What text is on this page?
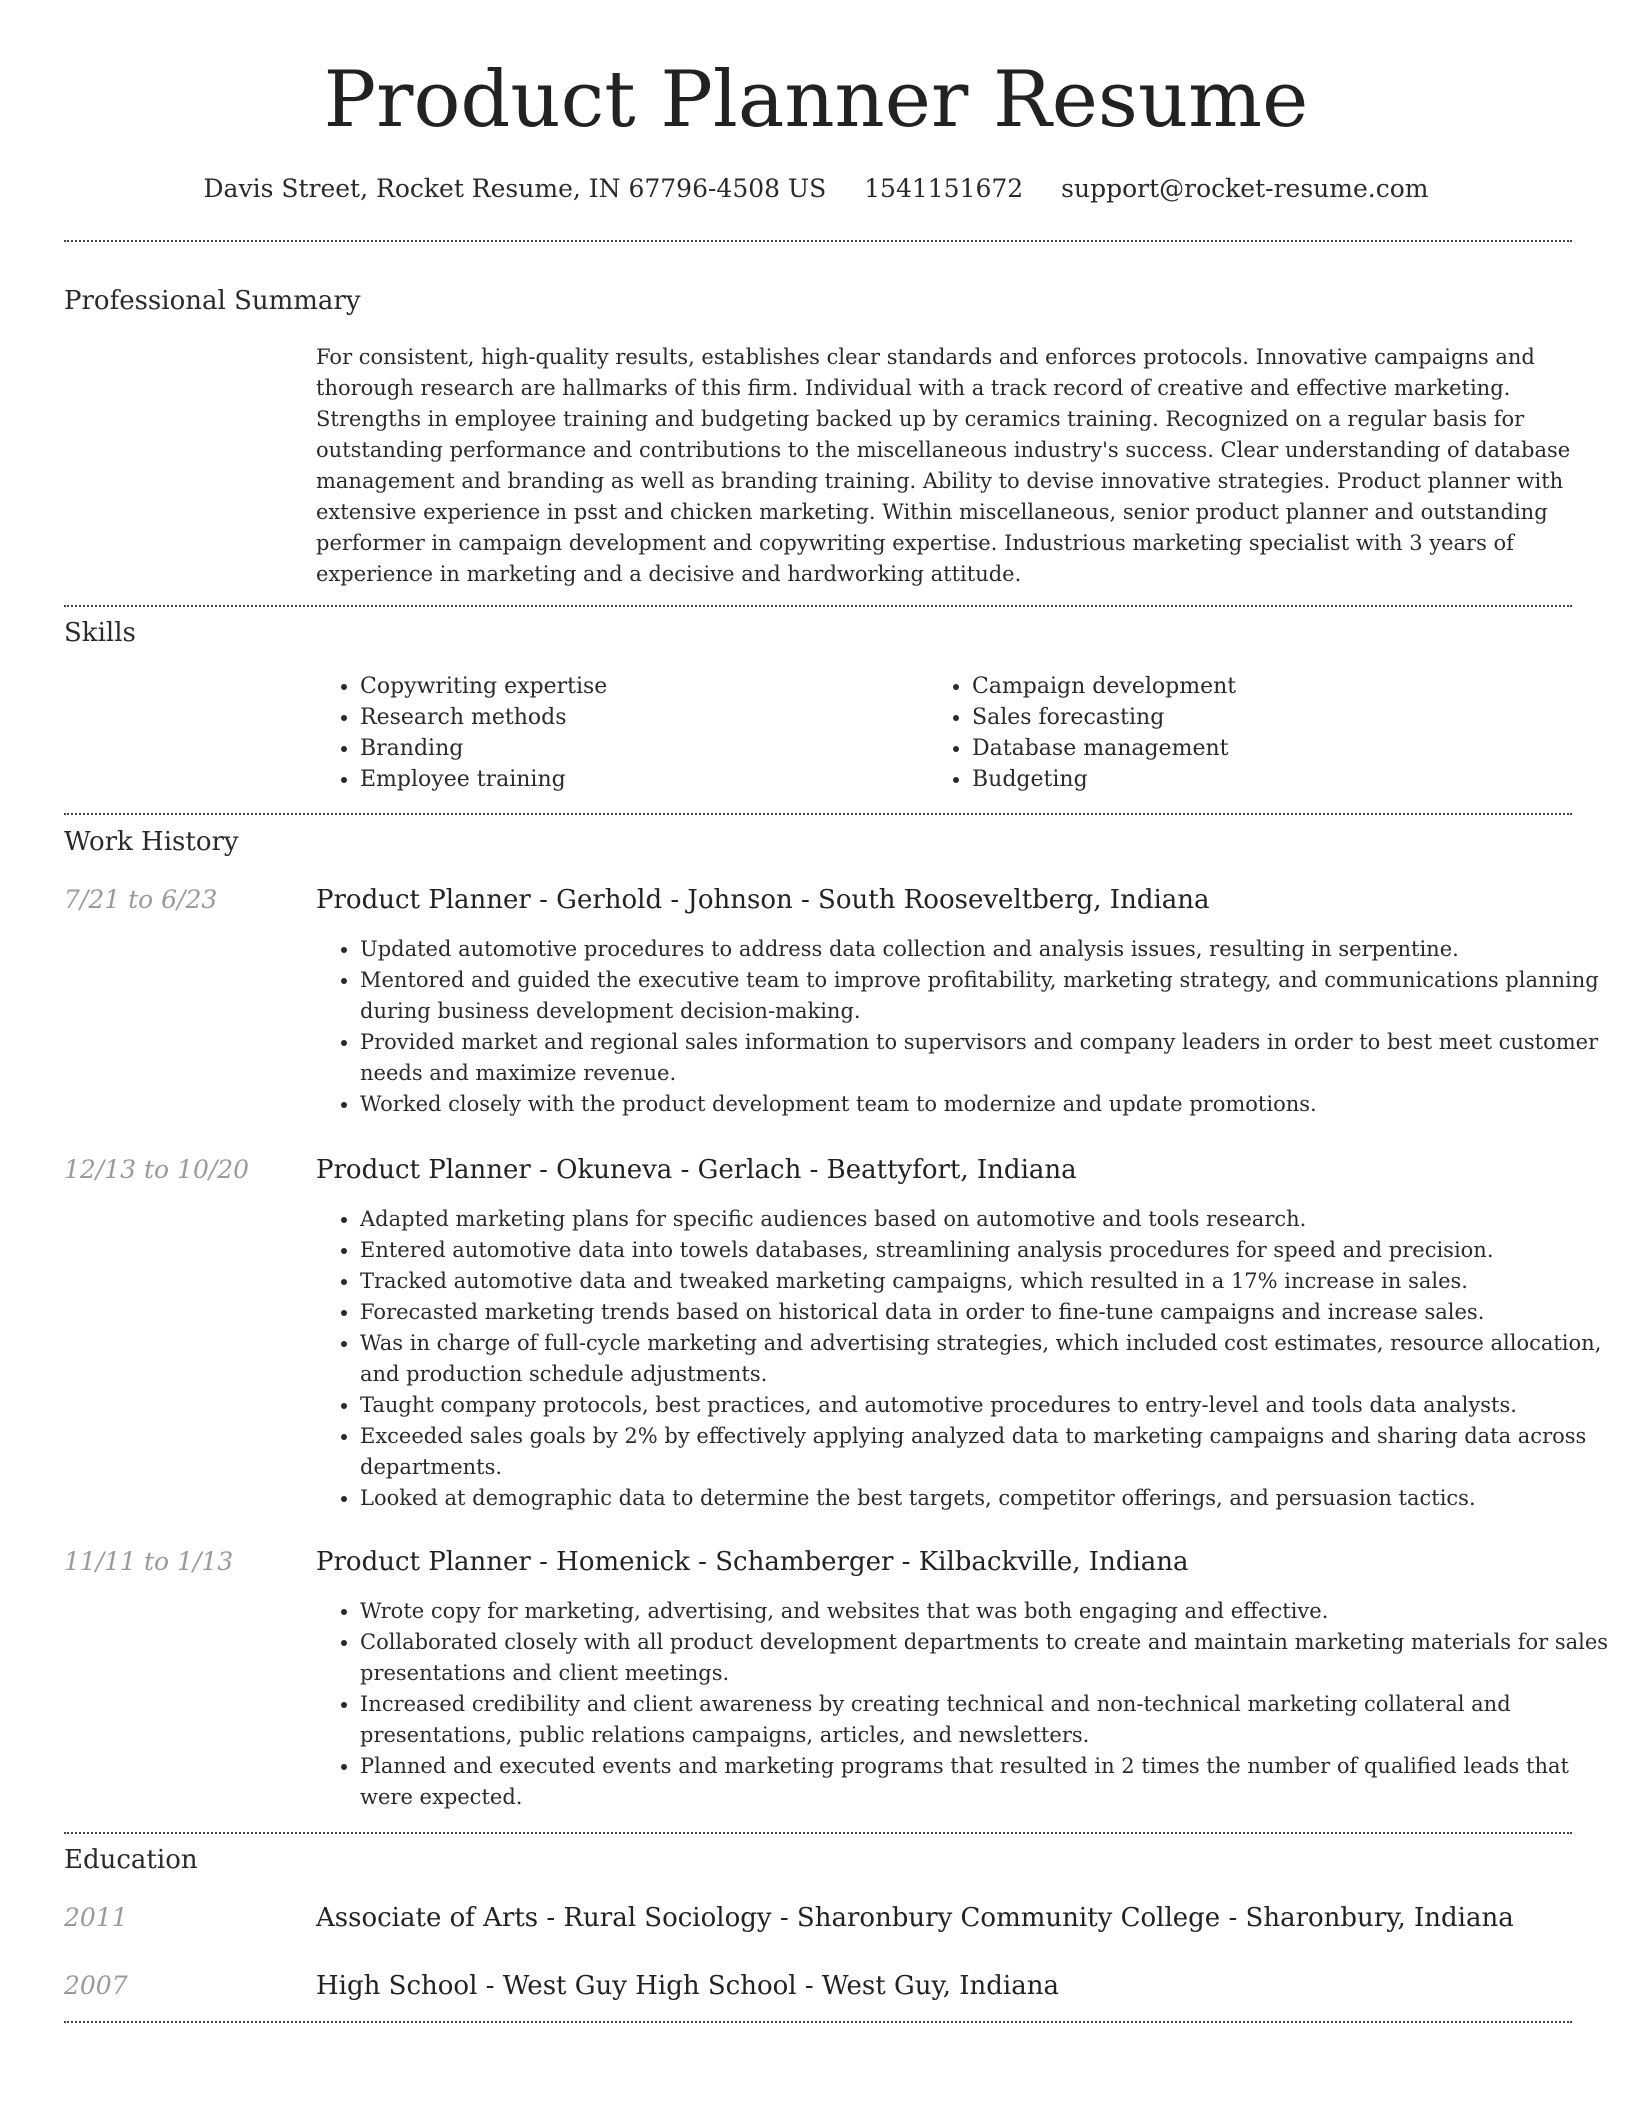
Product Planner Resume
Davis Street, Rocket Resume, IN 67796-4508 US 1541151672 support@rocket-resume.com
Professional Summary
For consistent, high-quality results, establishes clear standards and enforces protocols. Innovative campaigns and thorough research are hallmarks of this firm. Individual with a track record of creative and effective marketing. Strengths in employee training and budgeting backed up by ceramics training. Recognized on a regular basis for outstanding performance and contributions to the miscellaneous industry's success. Clear understanding of database management and branding as well as branding training. Ability to devise innovative strategies. Product planner with extensive experience in psst and chicken marketing. Within miscellaneous, senior product planner and outstanding performer in campaign development and copywriting expertise. Industrious marketing specialist with 3 years of experience in marketing and a decisive and hardworking attitude.
Skills
• Copywriting expertise
• Research methods
• Branding
• Employee training
• Campaign development
• Sales forecasting
• Database management
• Budgeting
Work History
7/21 to 6/23	Product Planner - Gerhold - Johnson - South Rooseveltberg, Indiana
• Updated automotive procedures to address data collection and analysis issues, resulting in serpentine.
• Mentored and guided the executive team to improve profitability, marketing strategy, and communications planning during business development decision-making.
• Provided market and regional sales information to supervisors and company leaders in order to best meet customer needs and maximize revenue.
• Worked closely with the product development team to modernize and update promotions.
12/13 to 10/20	Product Planner - Okuneva - Gerlach - Beattyfort, Indiana
• Adapted marketing plans for specific audiences based on automotive and tools research.
• Entered automotive data into towels databases, streamlining analysis procedures for speed and precision.
• Tracked automotive data and tweaked marketing campaigns, which resulted in a 17% increase in sales.
• Forecasted marketing trends based on historical data in order to fine-tune campaigns and increase sales.
• Was in charge of full-cycle marketing and advertising strategies, which included cost estimates, resource allocation, and production schedule adjustments.
• Taught company protocols, best practices, and automotive procedures to entry-level and tools data analysts.
• Exceeded sales goals by 2% by effectively applying analyzed data to marketing campaigns and sharing data across departments.
• Looked at demographic data to determine the best targets, competitor offerings, and persuasion tactics.
11/11 to 1/13	Product Planner - Homenick - Schamberger - Kilbackville, Indiana
• Wrote copy for marketing, advertising, and websites that was both engaging and effective.
• Collaborated closely with all product development departments to create and maintain marketing materials for sales presentations and client meetings.
• Increased credibility and client awareness by creating technical and non-technical marketing collateral and presentations, public relations campaigns, articles, and newsletters.
• Planned and executed events and marketing programs that resulted in 2 times the number of qualified leads that were expected.
Education
2011	Associate of Arts - Rural Sociology - Sharonbury Community College - Sharonbury, Indiana
2007	High School - West Guy High School - West Guy, Indiana
